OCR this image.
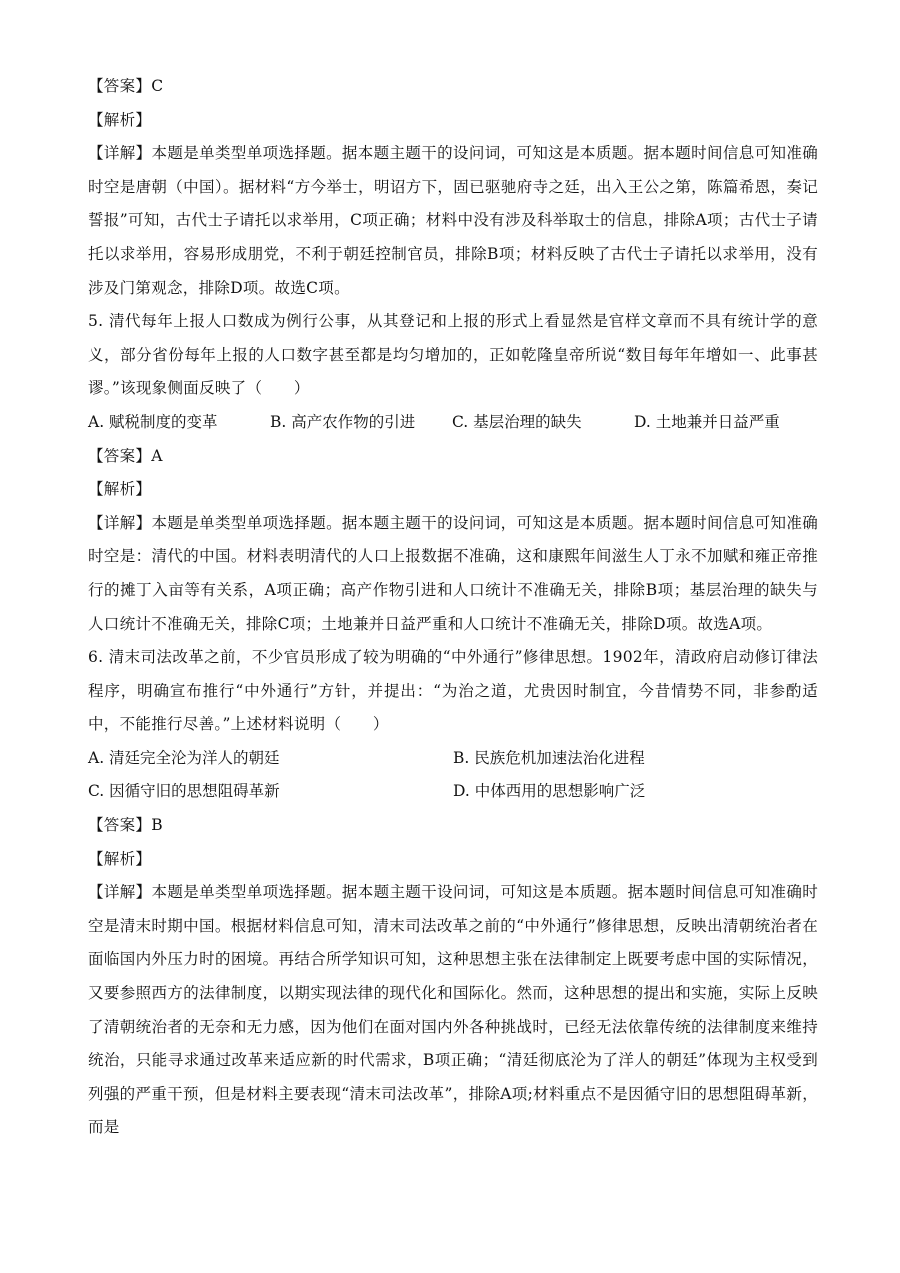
【答案】C
【解析】
【详解】本题是单类型单项选择题。据本题主题干的设问词，可知这是本质题。据本题时间信息可知准确时空是唐朝（中国）。据材料“方今举士，明诏方下，固已驱驰府寺之廷，出入王公之第，陈篇希恩，奏记誓报”可知，古代士子请托以求举用，C项正确；材料中没有涉及科举取士的信息，排除A项；古代士子请托以求举用，容易形成朋党，不利于朝廷控制官员，排除B项；材料反映了古代士子请托以求举用，没有涉及门第观念，排除D项。故选C项。
5. 清代每年上报人口数成为例行公事，从其登记和上报的形式上看显然是官样文章而不具有统计学的意义，部分省份每年上报的人口数字甚至都是均匀增加的，正如乾隆皇帝所说“数目每年年增如一、此事甚谬。”该现象侧面反映了（　　）
A. 赋税制度的变革	B. 高产农作物的引进	C. 基层治理的缺失	D. 土地兼并日益严重
【答案】A
【解析】
【详解】本题是单类型单项选择题。据本题主题干的设问词，可知这是本质题。据本题时间信息可知准确时空是：清代的中国。材料表明清代的人口上报数据不准确，这和康熙年间滋生人丁永不加赋和雍正帝推行的摊丁入亩等有关系，A项正确；高产作物引进和人口统计不准确无关，排除B项；基层治理的缺失与人口统计不准确无关，排除C项；土地兼并日益严重和人口统计不准确无关，排除D项。故选A项。
6. 清末司法改革之前，不少官员形成了较为明确的“中外通行”修律思想。1902年，清政府启动修订律法程序，明确宣布推行“中外通行”方针，并提出：“为治之道，尤贵因时制宜，今昔情势不同，非参酌适中，不能推行尽善。”上述材料说明（　　）
A. 清廷完全沦为洋人的朝廷	B. 民族危机加速法治化进程
C. 因循守旧的思想阻碍革新	D. 中体西用的思想影响广泛
【答案】B
【解析】
【详解】本题是单类型单项选择题。据本题主题干设问词，可知这是本质题。据本题时间信息可知准确时空是清末时期中国。根据材料信息可知，清末司法改革之前的“中外通行”修律思想，反映出清朝统治者在面临国内外压力时的困境。再结合所学知识可知，这种思想主张在法律制定上既要考虑中国的实际情况，又要参照西方的法律制度，以期实现法律的现代化和国际化。然而，这种思想的提出和实施，实际上反映了清朝统治者的无奈和无力感，因为他们在面对国内外各种挑战时，已经无法依靠传统的法律制度来维持统治，只能寻求通过改革来适应新的时代需求，B项正确；“清廷彻底沦为了洋人的朝廷”体现为主权受到列强的严重干预，但是材料主要表现“清末司法改革”，排除A项;材料重点不是因循守旧的思想阻碍革新，而是
